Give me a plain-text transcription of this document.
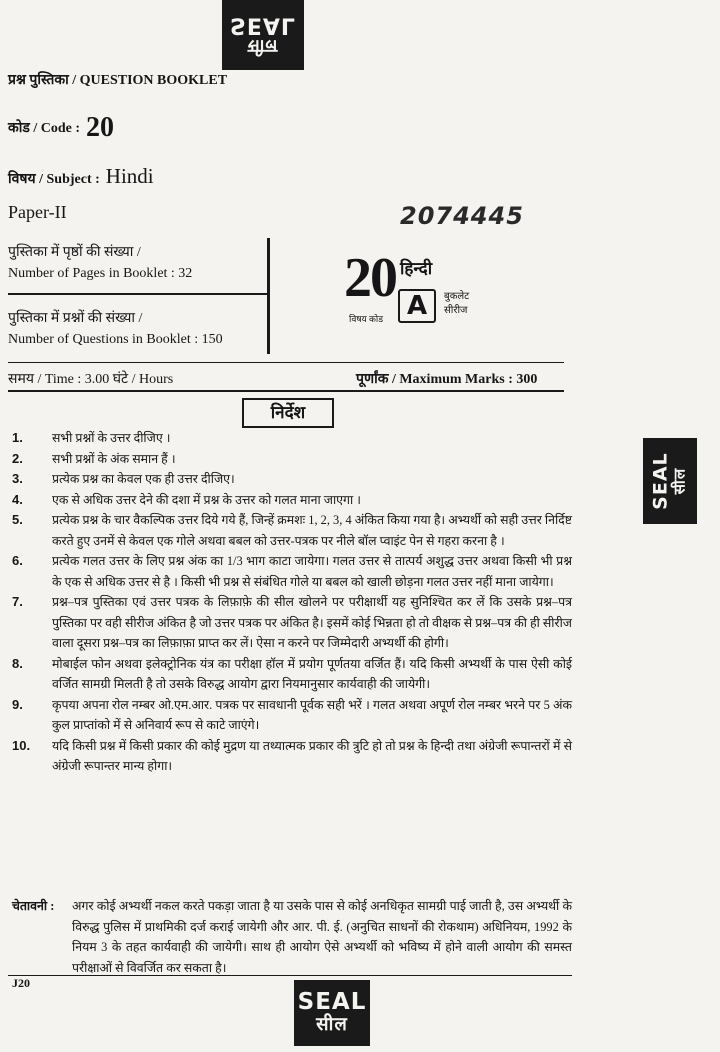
सील
SEAL
SEAL सील
SEAL
सील
प्रश्न पुस्तिका / QUESTION BOOKLET
कोड / Code : 20
विषय / Subject : Hindi
Paper-II	2074445
पुस्तिका में पृष्ठों की संख्या /
Number of Pages in Booklet : 32
पुस्तिका में प्रश्नों की संख्या /
Number of Questions in Booklet : 150
20
विषय कोड
हिन्दी
A	बुकलेट
सीरीज
समय / Time : 3.00 घंटे / Hours	पूर्णांक / Maximum Marks : 300
निर्देश
1.	सभी प्रश्नों के उत्तर दीजिए ।
2.	सभी प्रश्नों के अंक समान हैं ।
3.	प्रत्येक प्रश्न का केवल एक ही उत्तर दीजिए।
4.	एक से अधिक उत्तर देने की दशा में प्रश्न के उत्तर को गलत माना जाएगा ।
5.	प्रत्येक प्रश्न के चार वैकल्पिक उत्तर दिये गये हैं, जिन्हें क्रमशः 1, 2, 3, 4 अंकित किया गया है। अभ्यर्थी को सही उत्तर निर्दिष्ट करते हुए उनमें से केवल एक गोले अथवा बबल को उत्तर-पत्रक पर नीले बॉल प्वाइंट पेन से गहरा करना है ।
6.	प्रत्येक गलत उत्तर के लिए प्रश्न अंक का 1/3 भाग काटा जायेगा। गलत उत्तर से तात्पर्य अशुद्ध उत्तर अथवा किसी भी प्रश्न के एक से अधिक उत्तर से है । किसी भी प्रश्न से संबंधित गोले या बबल को खाली छोड़ना गलत उत्तर नहीं माना जायेगा।
7.	प्रश्न–पत्र पुस्तिका एवं उत्तर पत्रक के लिफ़ाफ़े की सील खोलने पर परीक्षार्थी यह सुनिश्चित कर लें कि उसके प्रश्न–पत्र पुस्तिका पर वही सीरीज अंकित है जो उत्तर पत्रक पर अंकित है। इसमें कोई भिन्नता हो तो वीक्षक से प्रश्न–पत्र की ही सीरीज वाला दूसरा प्रश्न–पत्र का लिफ़ाफ़ा प्राप्त कर लें। ऐसा न करने पर जिम्मेदारी अभ्यर्थी की होगी।
8.	मोबाईल फोन अथवा इलेक्ट्रोनिक यंत्र का परीक्षा हॉल में प्रयोग पूर्णतया वर्जित हैं। यदि किसी अभ्यर्थी के पास ऐसी कोई वर्जित सामग्री मिलती है तो उसके विरुद्ध आयोग द्वारा नियमानुसार कार्यवाही की जायेगी।
9.	कृपया अपना रोल नम्बर ओ.एम.आर. पत्रक पर सावधानी पूर्वक सही भरें । गलत अथवा अपूर्ण रोल नम्बर भरने पर 5 अंक कुल प्राप्तांको में से अनिवार्य रूप से काटे जाएंगे।
10.	यदि किसी प्रश्न में किसी प्रकार की कोई मुद्रण या तथ्यात्मक प्रकार की त्रुटि हो तो प्रश्न के हिन्दी तथा अंग्रेजी रूपान्तरों में से अंग्रेजी रूपान्तर मान्य होगा।
चेतावनी :	अगर कोई अभ्यर्थी नकल करते पकड़ा जाता है या उसके पास से कोई अनधिकृत सामग्री पाई जाती है, उस अभ्यर्थी के विरुद्ध पुलिस में प्राथमिकी दर्ज कराई जायेगी और आर. पी. ई. (अनुचित साधनों की रोकथाम) अधिनियम, 1992 के नियम 3 के तहत कार्यवाही की जायेगी। साथ ही आयोग ऐसे अभ्यर्थी को भविष्य में होने वाली आयोग की समस्त परीक्षाओं से विवर्जित कर सकता है।
J20
